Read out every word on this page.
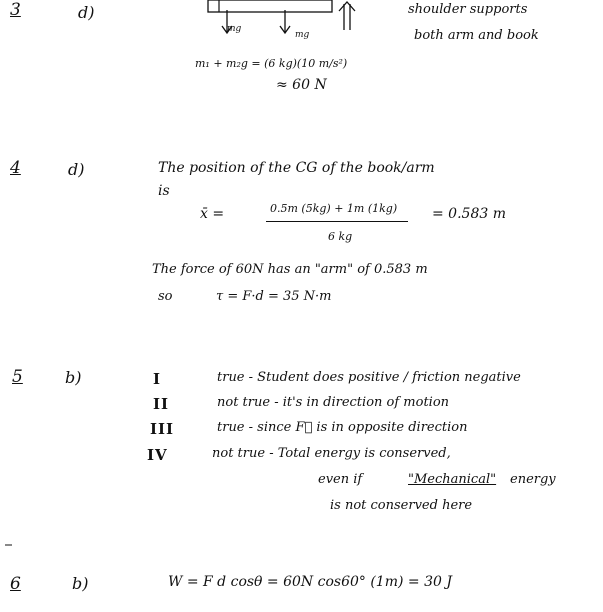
3	d)
mg
mg
shoulder supports
both arm and book
m₁ + m₂g = (6 kg)(10 m/s²)
≈ 60 N
4	d)	The position of the CG of the book/arm
is
x̄ =	0.5m (5kg) + 1m (1kg)
6 kg
= 0.583 m
The force of 60N has an "arm" of 0.583 m
so	τ = F·d = 35 N·m
5	b)	I	true - Student does positive / friction negative
II	not true - it's in direction of motion
III	true - since F⃗ is in opposite direction
IV	not true - Total energy is conserved,
even if	"Mechanical" energy
is not conserved here
6	b)	W = F d cosθ = 60N cos60° (1m) = 30 J
